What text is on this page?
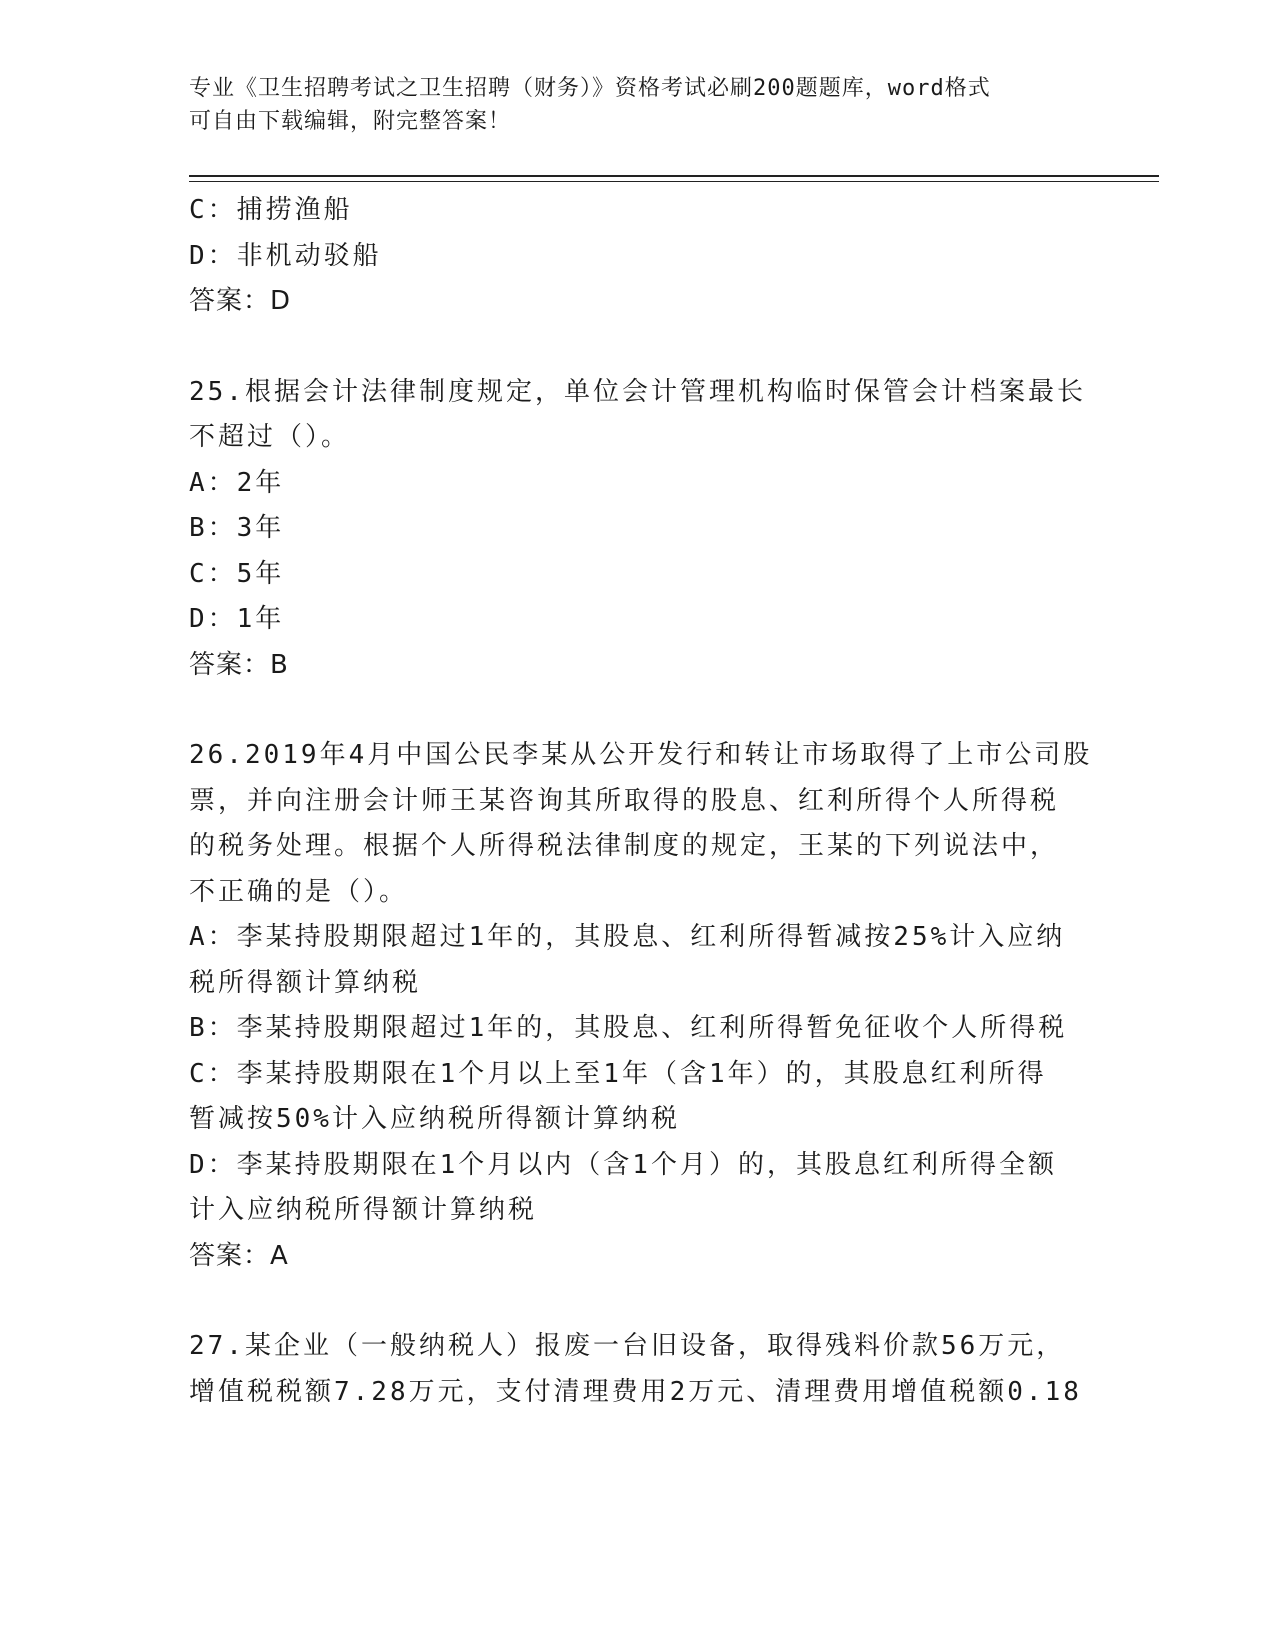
专业《卫生招聘考试之卫生招聘（财务）》资格考试必刷200题题库，word格式
可自由下载编辑，附完整答案！
C：捕捞渔船
D：非机动驳船
答案：D
25.根据会计法律制度规定，单位会计管理机构临时保管会计档案最长
不超过（）。
A：2年
B：3年
C：5年
D：1年
答案：B
26.2019年4月中国公民李某从公开发行和转让市场取得了上市公司股
票，并向注册会计师王某咨询其所取得的股息、红利所得个人所得税
的税务处理。根据个人所得税法律制度的规定，王某的下列说法中，
不正确的是（）。
A：李某持股期限超过1年的，其股息、红利所得暂减按25%计入应纳
税所得额计算纳税
B：李某持股期限超过1年的，其股息、红利所得暂免征收个人所得税
C：李某持股期限在1个月以上至1年（含1年）的，其股息红利所得
暂减按50%计入应纳税所得额计算纳税
D：李某持股期限在1个月以内（含1个月）的，其股息红利所得全额
计入应纳税所得额计算纳税
答案：A
27.某企业（一般纳税人）报废一台旧设备，取得残料价款56万元，
增值税税额7.28万元，支付清理费用2万元、清理费用增值税额0.18
